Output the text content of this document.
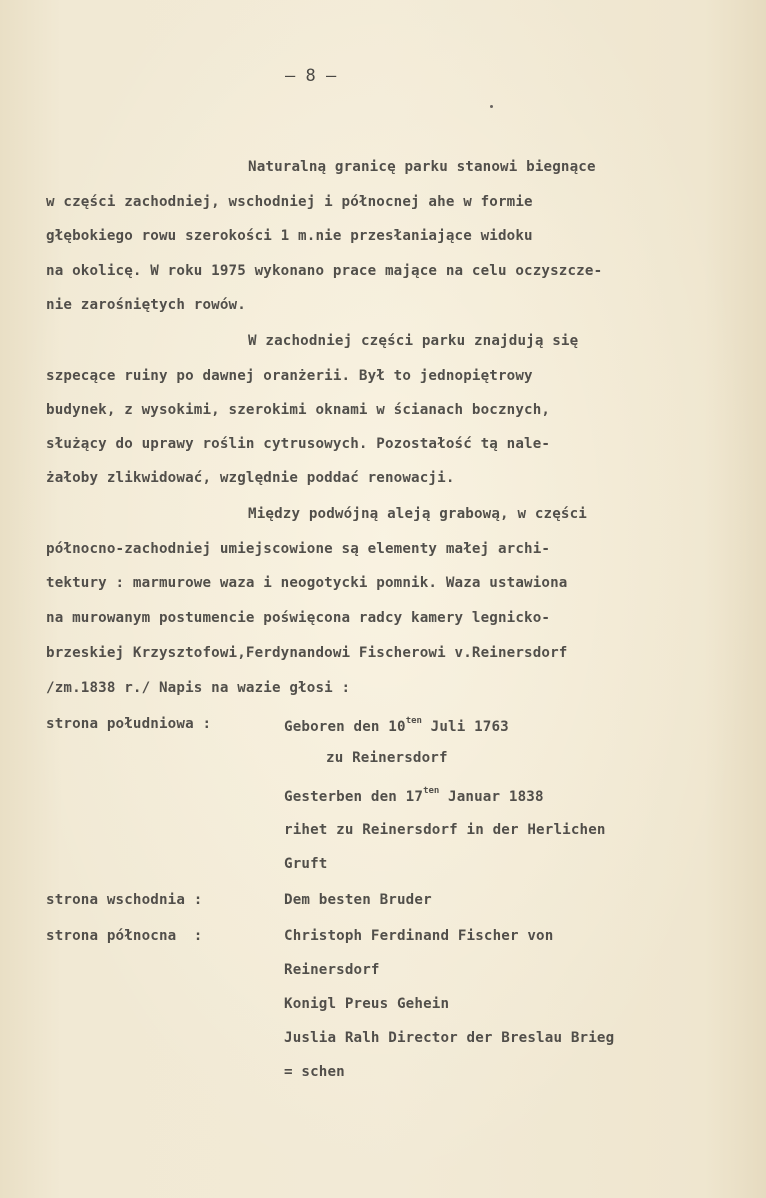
— 8 —
Naturalną granicę parku stanowi biegnące
w części zachodniej, wschodniej i północnej ahe w formie
głębokiego rowu szerokości 1 m.nie przesłaniające widoku
na okolicę. W roku 1975 wykonano prace mające na celu oczyszcze-
nie zarośniętych rowów.
W zachodniej części parku znajdują się
szpecące ruiny po dawnej oranżerii. Był to jednopiętrowy
budynek, z wysokimi, szerokimi oknami w ścianach bocznych,
służący do uprawy roślin cytrusowych. Pozostałość tą nale-
żałoby zlikwidować, względnie poddać renowacji.
Między podwójną aleją grabową, w części
północno-zachodniej umiejscowione są elementy małej archi-
tektury : marmurowe waza i neogotycki pomnik. Waza ustawiona
na murowanym postumencie poświęcona radcy kamery legnicko-
brzeskiej Krzysztofowi,Ferdynandowi Fischerowi v.Reinersdorf
/zm.1838 r./ Napis na wazie głosi :
strona południowa :	Geboren den $10^{ten}$ Juli 1763
zu Reinersdorf
Gesterben den $17^{ten}$ Januar 1838
rihet zu Reinersdorf in der Herlichen
Gruft
strona wschodnia :	Dem besten Bruder
strona północna  :	Christoph Ferdinand Fischer von
Reinersdorf
Konigl Preus Gehein
Juslia Ralh Director der Breslau Brieg
= schen
